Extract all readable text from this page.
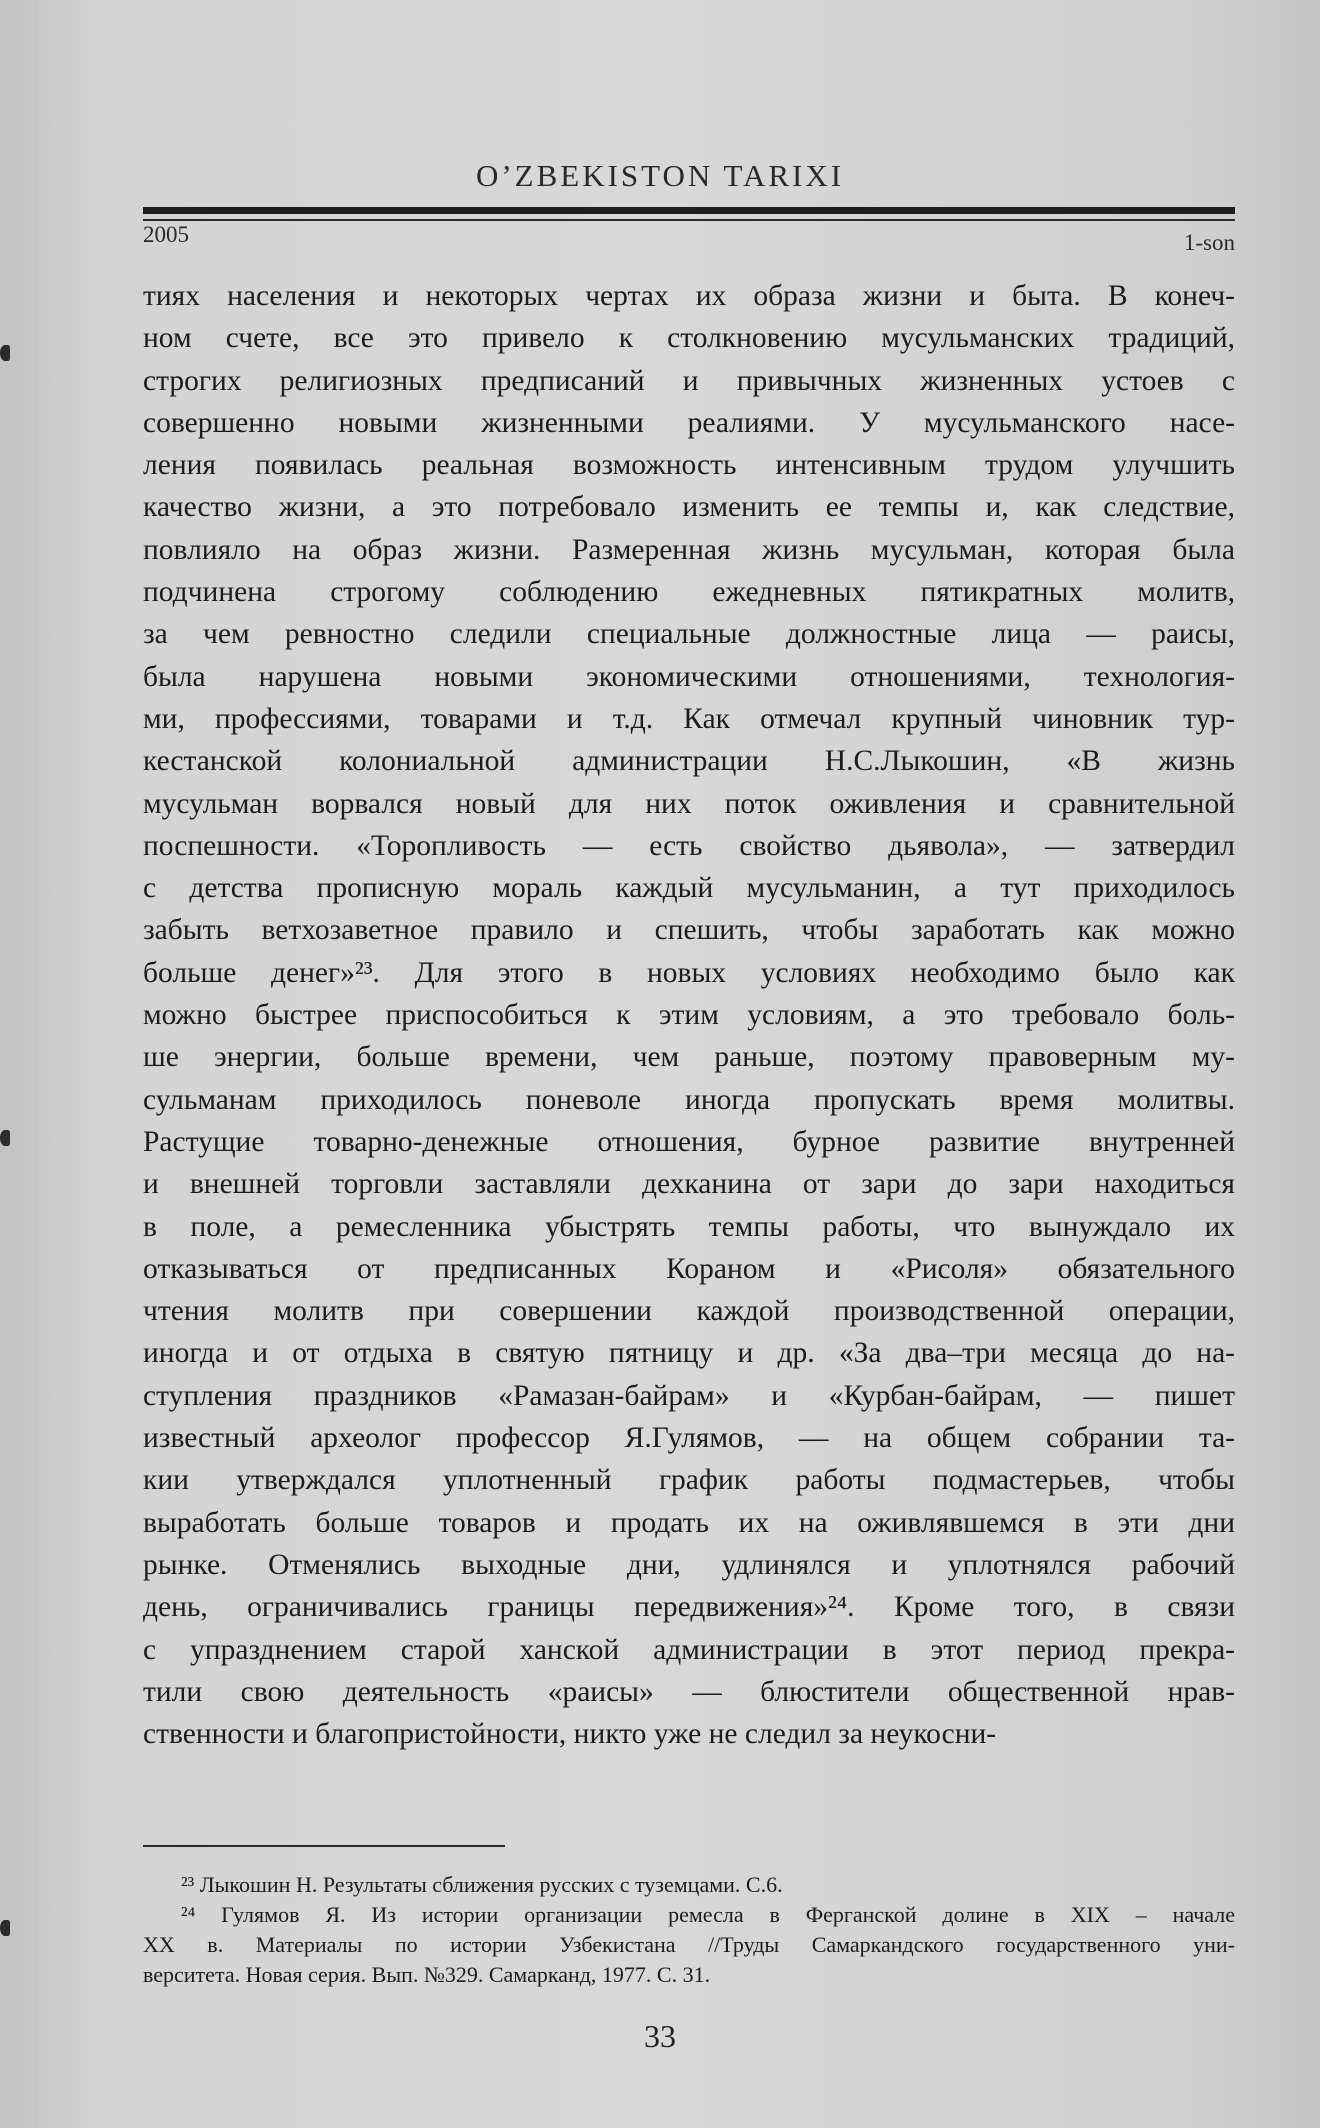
O’ZBEKISTON TARIXI
2005	1-son
тиях населения и некоторых чертах их образа жизни и быта. В конеч-
ном счете, все это привело к столкновению мусульманских традиций,
строгих религиозных предписаний и привычных жизненных устоев с
совершенно новыми жизненными реалиями. У мусульманского насе-
ления появилась реальная возможность интенсивным трудом улучшить
качество жизни, а это потребовало изменить ее темпы и, как следствие,
повлияло на образ жизни. Размеренная жизнь мусульман, которая была
подчинена строгому соблюдению ежедневных пятикратных молитв,
за чем ревностно следили специальные должностные лица — раисы,
была нарушена новыми экономическими отношениями, технология-
ми, профессиями, товарами и т.д. Как отмечал крупный чиновник тур-
кестанской колониальной администрации Н.С.Лыкошин, «В жизнь
мусульман ворвался новый для них поток оживления и сравнительной
поспешности. «Торопливость — есть свойство дьявола», — затвердил
с детства прописную мораль каждый мусульманин, а тут приходилось
забыть ветхозаветное правило и спешить, чтобы заработать как можно
больше денег»²³. Для этого в новых условиях необходимо было как
можно быстрее приспособиться к этим условиям, а это требовало боль-
ше энергии, больше времени, чем раньше, поэтому правоверным му-
сульманам приходилось поневоле иногда пропускать время молитвы.
Растущие товарно-денежные отношения, бурное развитие внутренней
и внешней торговли заставляли дехканина от зари до зари находиться
в поле, а ремесленника убыстрять темпы работы, что вынуждало их
отказываться от предписанных Кораном и «Рисоля» обязательного
чтения молитв при совершении каждой производственной операции,
иногда и от отдыха в святую пятницу и др. «За два–три месяца до на-
ступления праздников «Рамазан-байрам» и «Курбан-байрам, — пишет
известный археолог профессор Я.Гулямов, — на общем собрании та-
кии утверждался уплотненный график работы подмастерьев, чтобы
выработать больше товаров и продать их на оживлявшемся в эти дни
рынке. Отменялись выходные дни, удлинялся и уплотнялся рабочий
день, ограничивались границы передвижения»²⁴. Кроме того, в связи
с упразднением старой ханской администрации в этот период прекра-
тили свою деятельность «раисы» — блюстители общественной нрав-
ственности и благопристойности, никто уже не следил за неукосни-
²³ Лыкошин Н. Результаты сближения русских с туземцами. С.6.
²⁴ Гулямов Я. Из истории организации ремесла в Ферганской долине в XIX – начале
XX в. Материалы по истории Узбекистана //Труды Самаркандского государственного уни-
верситета. Новая серия. Вып. №329. Самарканд, 1977. С. 31.
33
